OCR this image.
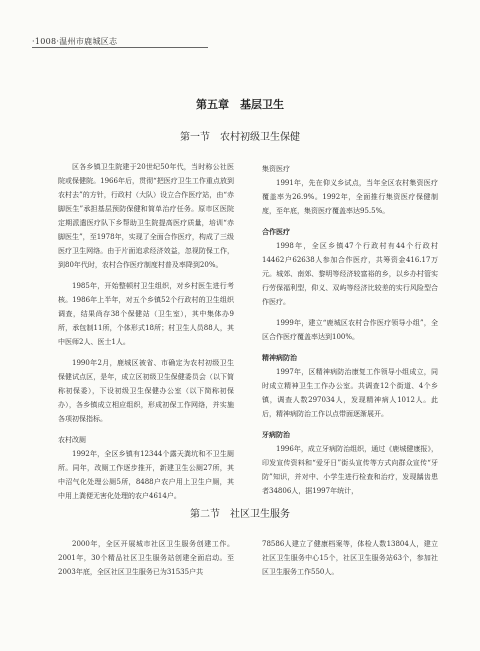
·1008·温州市鹿城区志
第五章　基层卫生
第一节　农村初级卫生保健

区各乡镇卫生院建于20世纪50年代，当时称公社医院或保健院。1966年后，贯彻“把医疗卫生工作重点放到农村去”的方针，行政村（大队）设立合作医疗站，由“赤脚医生”承担基层预防保健和简单治疗任务。原市区医院定期派遣医疗队下乡帮助卫生院提高医疗质量，培训“赤脚医生”，至1978年，实现了全面合作医疗，构成了三级医疗卫生网络。由于片面追求经济效益，忽视防保工作，到80年代时，农村合作医疗制度村普及率降到20%。

1985年，开始整顿村卫生组织，对乡村医生进行考核。1986年上半年，对五个乡镇52个行政村的卫生组织调查，结果尚存38个保健站（卫生室），其中集体办9所，承包制11所，个体形式18所；村卫生人员88人，其中医师2人、医士1人。

1990年2月，鹿城区被省、市确定为农村初级卫生保健试点区，是年，成立区初级卫生保健委员会（以下简称初保委），下设初级卫生保健办公室（以下简称初保办），各乡镇成立相应组织，形成初保工作网络，并实施各项初保指标。

农村改厕

1992年，全区乡镇有12344个露天粪坑和不卫生厕所。同年，改厕工作逐步推开，新建卫生公厕27所，其中沼气化处理公厕5所，8488户农户用上卫生户厕，其中用上粪便无害化处理的农户4614户。

集资医疗

1991年，先在仰义乡试点，当年全区农村集资医疗覆盖率为26.9%。1992年，全面推行集资医疗保健制度，至年底，集资医疗覆盖率达95.5%。

合作医疗

1998年，全区乡镇47个行政村有44个行政村14462户62638人参加合作医疗，共筹资金416.17万元。城郊、南郊、黎明等经济较富裕的乡，以乡办村管实行劳保福利型，仰义、双屿等经济比较差的实行风险型合作医疗。

1999年，建立“鹿城区农村合作医疗领导小组”，全区合作医疗覆盖率达到100%。

精神病防治

1997年，区精神病防治康复工作领导小组成立，同时成立精神卫生工作办公室。共调查12个街道、4个乡镇，调查人数297034人，发现精神病人1012人。此后，精神病防治工作以点带面逐渐展开。

牙病防治

1996年，成立牙病防治组织，通过《鹿城健康报》，印发宣传资料和“爱牙日”街头宣传等方式向群众宣传“牙防”知识，并对中、小学生进行检查和治疗，发现龋齿患者34806人，据1997年统计，

第二节　社区卫生服务

2000年，全区开展城市社区卫生服务创建工作。2001年，30个精品社区卫生服务站创建全面启动。至2003年底，全区社区卫生服务已为31535户共

78586人建立了健康档案等，体检人数13804人，建立社区卫生服务中心15个，社区卫生服务站63个，参加社区卫生服务工作550人。
